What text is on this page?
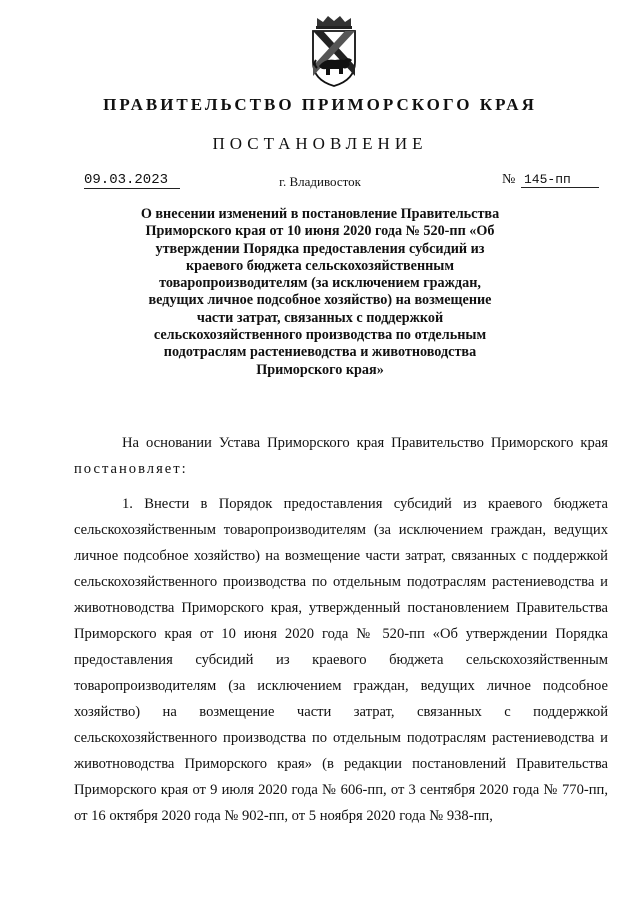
ПРАВИТЕЛЬСТВО ПРИМОРСКОГО КРАЯ
ПОСТАНОВЛЕНИЕ
09.03.2023	г. Владивосток	№ 145-пп
О внесении изменений в постановление Правительства Приморского края от 10 июня 2020 года № 520-пп «Об утверждении Порядка предоставления субсидий из краевого бюджета сельскохозяйственным товаропроизводителям (за исключением граждан, ведущих личное подсобное хозяйство) на возмещение части затрат, связанных с поддержкой сельскохозяйственного производства по отдельным подотраслям растениеводства и животноводства Приморского края»

На основании Устава Приморского края Правительство Приморского края постановляет:

1. Внести в Порядок предоставления субсидий из краевого бюджета сельскохозяйственным товаропроизводителям (за исключением граждан, ведущих личное подсобное хозяйство) на возмещение части затрат, связанных с поддержкой сельскохозяйственного производства по отдельным подотраслям растениеводства и животноводства Приморского края, утвержденный постановлением Правительства Приморского края от 10 июня 2020 года № 520-пп «Об утверждении Порядка предоставления субсидий из краевого бюджета сельскохозяйственным товаропроизводителям (за исключением граждан, ведущих личное подсобное хозяйство) на возмещение части затрат, связанных с поддержкой сельскохозяйственного производства по отдельным подотраслям растениеводства и животноводства Приморского края» (в редакции постановлений Правительства Приморского края от 9 июля 2020 года № 606-пп, от 3 сентября 2020 года № 770-пп, от 16 октября 2020 года № 902-пп, от 5 ноября 2020 года № 938-пп,
